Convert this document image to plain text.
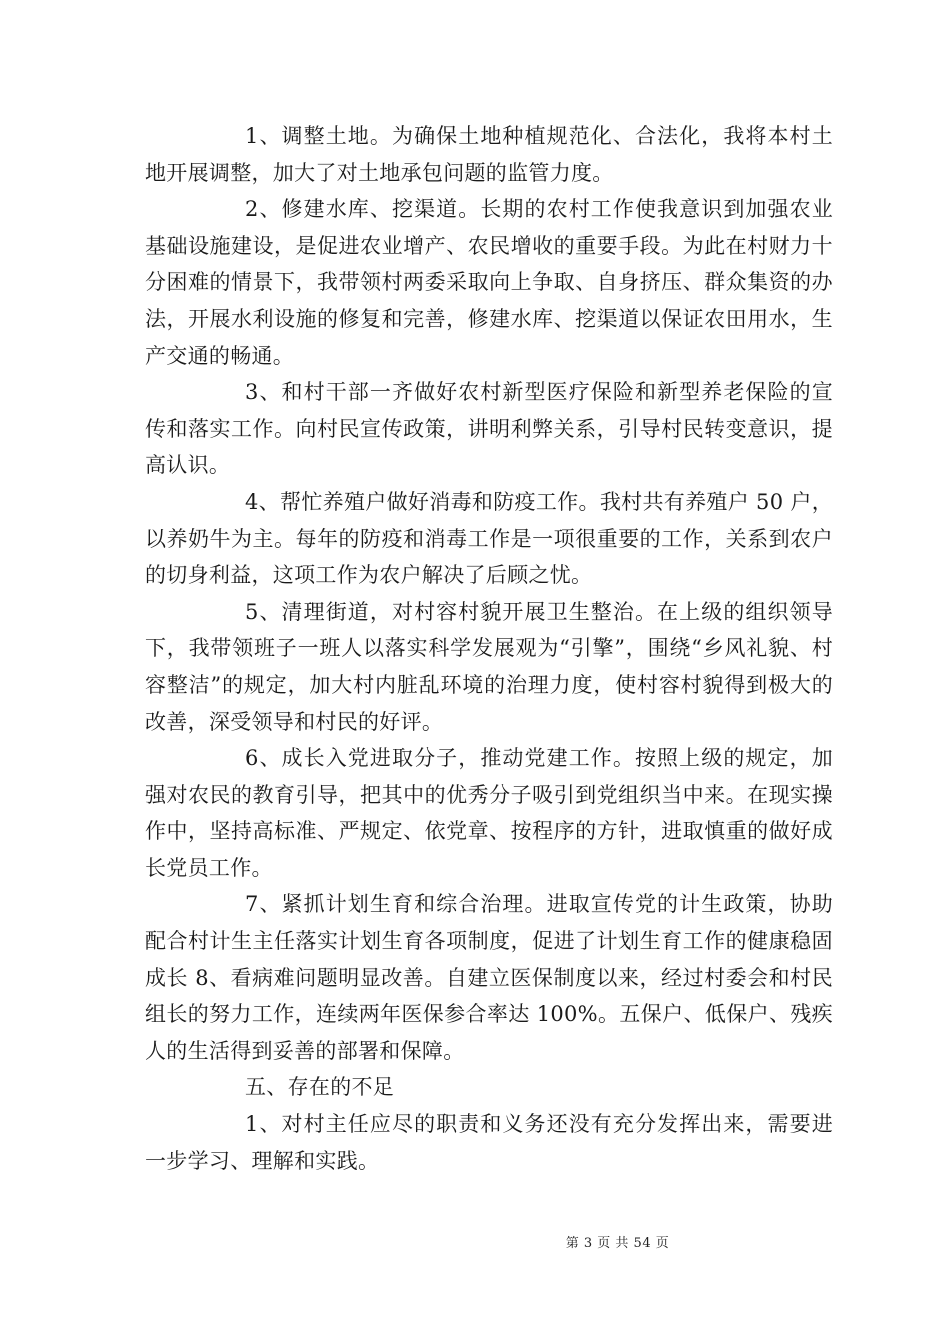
1、调整土地。为确保土地种植规范化、合法化，我将本村土地开展调整，加大了对土地承包问题的监管力度。

2、修建水库、挖渠道。长期的农村工作使我意识到加强农业基础设施建设，是促进农业增产、农民增收的重要手段。为此在村财力十分困难的情景下，我带领村两委采取向上争取、自身挤压、群众集资的办法，开展水利设施的修复和完善，修建水库、挖渠道以保证农田用水，生产交通的畅通。

3、和村干部一齐做好农村新型医疗保险和新型养老保险的宣传和落实工作。向村民宣传政策，讲明利弊关系，引导村民转变意识，提高认识。

4、帮忙养殖户做好消毒和防疫工作。我村共有养殖户 50 户，以养奶牛为主。每年的防疫和消毒工作是一项很重要的工作，关系到农户的切身利益，这项工作为农户解决了后顾之忧。

5、清理街道，对村容村貌开展卫生整治。在上级的组织领导下，我带领班子一班人以落实科学发展观为“引擎”，围绕“乡风礼貌、村容整洁”的规定，加大村内脏乱环境的治理力度，使村容村貌得到极大的改善，深受领导和村民的好评。

6、成长入党进取分子，推动党建工作。按照上级的规定，加强对农民的教育引导，把其中的优秀分子吸引到党组织当中来。在现实操作中，坚持高标准、严规定、依党章、按程序的方针，进取慎重的做好成长党员工作。

7、紧抓计划生育和综合治理。进取宣传党的计生政策，协助配合村计生主任落实计划生育各项制度，促进了计划生育工作的健康稳固成长 8、看病难问题明显改善。自建立医保制度以来，经过村委会和村民组长的努力工作，连续两年医保参合率达 100%。五保户、低保户、残疾人的生活得到妥善的部署和保障。

五、存在的不足

1、对村主任应尽的职责和义务还没有充分发挥出来，需要进一步学习、理解和实践。

第 3 页 共 54 页
